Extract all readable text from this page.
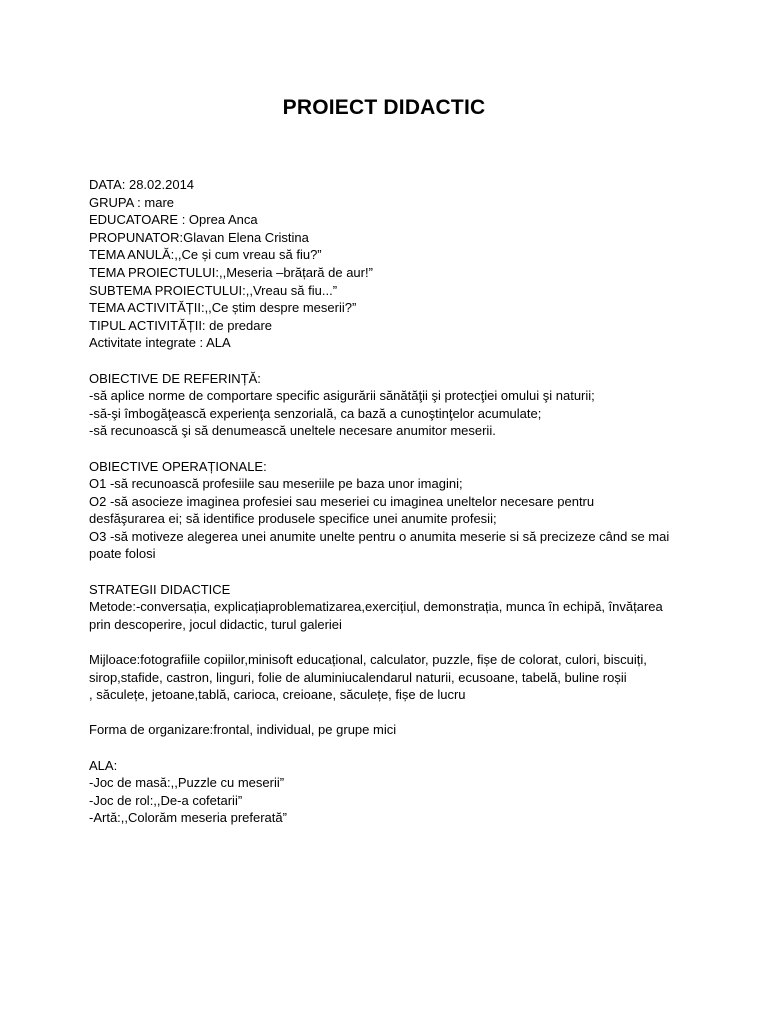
PROIECT DIDACTIC
DATA: 28.02.2014
GRUPA : mare
EDUCATOARE : Oprea Anca
PROPUNATOR:Glavan Elena Cristina
TEMA ANULĂ:,,Ce și cum vreau să fiu?”
TEMA PROIECTULUI:,,Meseria –brățară de aur!”
SUBTEMA PROIECTULUI:,,Vreau să fiu...”
TEMA ACTIVITĂȚII:,,Ce știm despre meserii?”
TIPUL ACTIVITĂȚII: de predare
Activitate integrate : ALA
OBIECTIVE DE REFERINȚĂ:
-să aplice norme de comportare specific asigurării sănătăţii şi protecţiei omului şi naturii;
-să-şi îmbogăţească experienţa senzorială, ca bază a cunoştinţelor acumulate;
-să recunoască şi să denumească uneltele necesare anumitor meserii.
OBIECTIVE OPERAȚIONALE:
O1 -să recunoască profesiile sau meseriile pe baza unor imagini;
O2 -să asocieze imaginea profesiei sau meseriei cu imaginea uneltelor necesare pentru
desfăşurarea ei; să identifice produsele specifice unei anumite profesii;
O3 -să motiveze alegerea unei anumite unelte pentru o anumita meserie si să precizeze când se mai
poate folosi
STRATEGII DIDACTICE
Metode:-conversația, explicațiaproblematizarea,exercițiul, demonstrația, munca în echipă, învățarea
prin descoperire, jocul didactic, turul galeriei
Mijloace:fotografiile copiilor,minisoft educațional, calculator, puzzle, fișe de colorat, culori, biscuiți,
sirop,stafide, castron, linguri, folie de aluminiucalendarul naturii, ecusoane, tabelă, buline roșii
, săculețe, jetoane,tablă, carioca, creioane, săculețe, fișe de lucru
Forma de organizare:frontal, individual, pe grupe mici
ALA:
-Joc de masă:,,Puzzle cu meserii”
-Joc de rol:,,De-a cofetarii”
-Artă:,,Colorăm meseria preferată”
